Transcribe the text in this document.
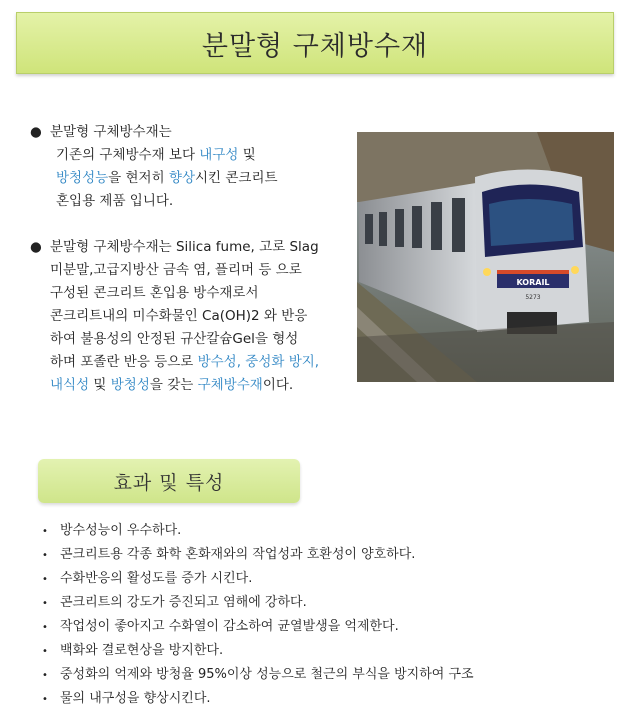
분말형 구체방수재
● 분말형 구체방수재는
기존의 구체방수재 보다 내구성 및
방청성능을 현저히 향상시킨 콘크리트
혼입용 제품 입니다.
● 분말형 구체방수재는 Silica fume, 고로 Slag
미분말,고급지방산 금속 염, 플리머 등 으로
구성된 콘크리트 혼입용 방수재로서
콘크리트내의 미수화물인 Ca(OH)2 와 반응
하여 불용성의 안정된 규산칼슘Gel을 형성
하며 포졸란 반응 등으로 방수성, 중성화 방지,
내식성 및 방청성을 갖는 구체방수재이다.
KORAIL
5273
효과 및 특성
• 방수성능이 우수하다.
• 콘크리트용 각종 화학 혼화재와의 작업성과 호환성이 양호하다.
• 수화반응의 활성도를 증가 시킨다.
• 콘크리트의 강도가 증진되고 염해에 강하다.
• 작업성이 좋아지고 수화열이 감소하여 균열발생을 억제한다.
• 백화와 결로현상을 방지한다.
• 중성화의 억제와 방청율 95%이상 성능으로 철근의 부식을 방지하여 구조
• 물의 내구성을 향상시킨다.
